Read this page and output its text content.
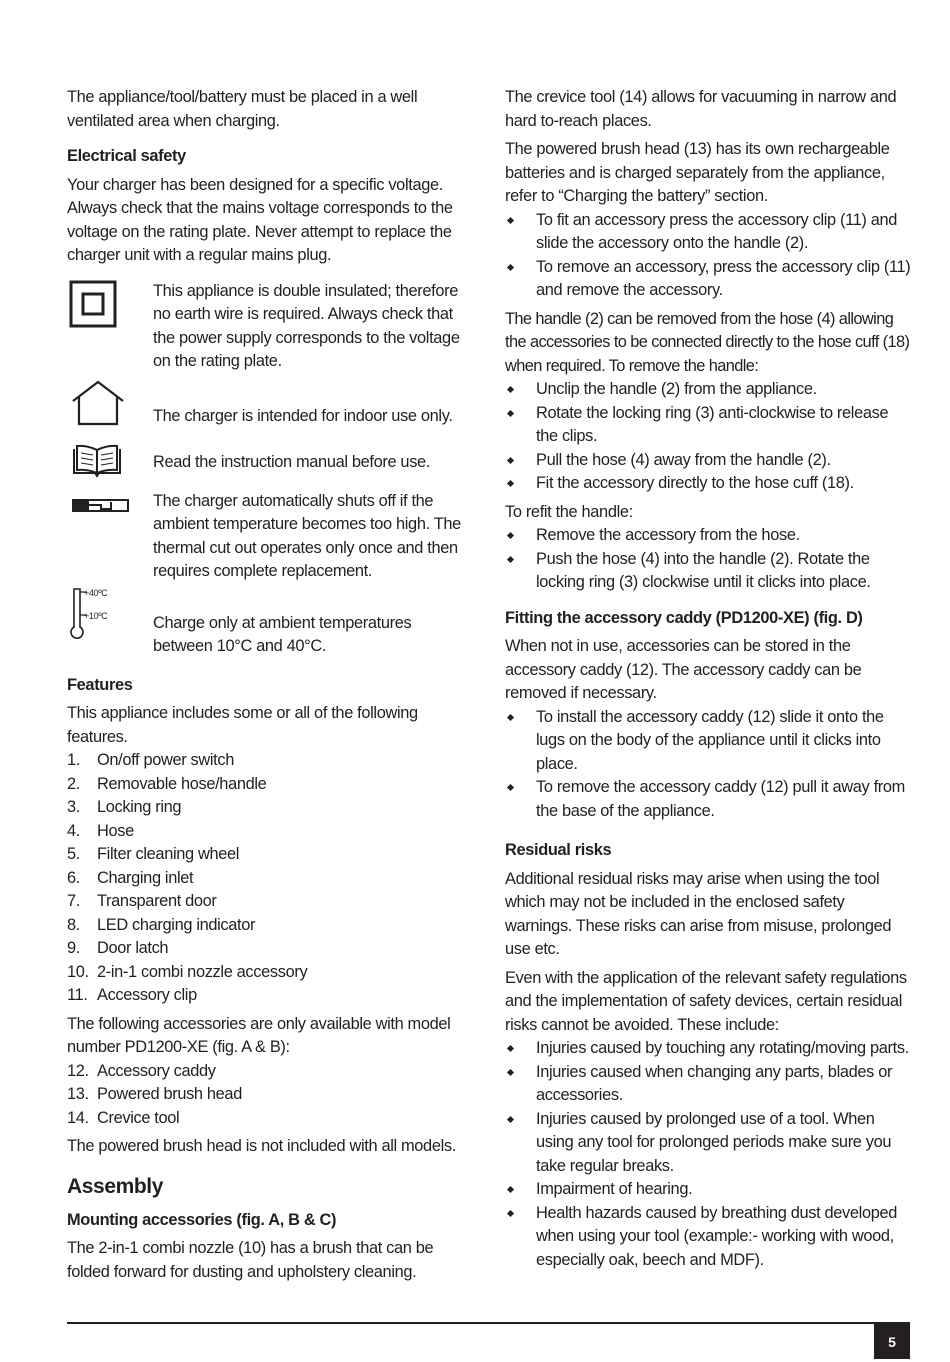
The appliance/tool/battery must be placed in a well ventilated area when charging.

Electrical safety

Your charger has been designed for a specific voltage. Always check that the mains voltage corresponds to the voltage on the rating plate. Never attempt to replace the charger unit with a regular mains plug.

This appliance is double insulated; therefore no earth wire is required. Always check that the power supply corresponds to the voltage on the rating plate.
The charger is intended for indoor use only.
Read the instruction manual before use.
The charger automatically shuts off if the ambient temperature becomes too high. The thermal cut out operates only once and then requires complete replacement.
+40ºC
+10ºC	Charge only at ambient temperatures between 10°C and 40°C.
Features

This appliance includes some or all of the following features.

1.	On/off power switch
2.	Removable hose/handle
3.	Locking ring
4.	Hose
5.	Filter cleaning wheel
6.	Charging inlet
7.	Transparent door
8.	LED charging indicator
9.	Door latch
10. 2-in-1 combi nozzle accessory
11. Accessory clip

The following accessories are only available with model number PD1200-XE (fig. A & B):

12. Accessory caddy
13. Powered brush head
14. Crevice tool

The powered brush head is not included with all models.

Assembly
Mounting accessories (fig. A, B & C)

The 2-in-1 combi nozzle (10) has a brush that can be folded forward for dusting and upholstery cleaning.

The crevice tool (14) allows for vacuuming in narrow and hard to-reach places.

The powered brush head (13) has its own rechargeable batteries and is charged separately from the appliance, refer to “Charging the battery” section.

To fit an accessory press the accessory clip (11) and slide the accessory onto the handle (2).
To remove an accessory, press the accessory clip (11) and remove the accessory.

The handle (2) can be removed from the hose (4) allowing the accessories to be connected directly to the hose cuff (18) when required. To remove the handle:

Unclip the handle (2) from the appliance.
Rotate the locking ring (3) anti-clockwise to release the clips.
Pull the hose (4) away from the handle (2).
Fit the accessory directly to the hose cuff (18).

To refit the handle:

Remove the accessory from the hose.
Push the hose (4) into the handle (2). Rotate the locking ring (3) clockwise until it clicks into place.
Fitting the accessory caddy (PD1200-XE) (fig. D)

When not in use, accessories can be stored in the accessory caddy (12). The accessory caddy can be removed if necessary.

To install the accessory caddy (12) slide it onto the lugs on the body of the appliance until it clicks into place.
To remove the accessory caddy (12) pull it away from the base of the appliance.
Residual risks

Additional residual risks may arise when using the tool which may not be included in the enclosed safety warnings. These risks can arise from misuse, prolonged use etc.

Even with the application of the relevant safety regulations and the implementation of safety devices, certain residual risks cannot be avoided. These include:

Injuries caused by touching any rotating/moving parts.
Injuries caused when changing any parts, blades or accessories.
Injuries caused by prolonged use of a tool. When using any tool for prolonged periods make sure you take regular breaks.
Impairment of hearing.
Health hazards caused by breathing dust developed when using your tool (example:- working with wood, especially oak, beech and MDF).
5
